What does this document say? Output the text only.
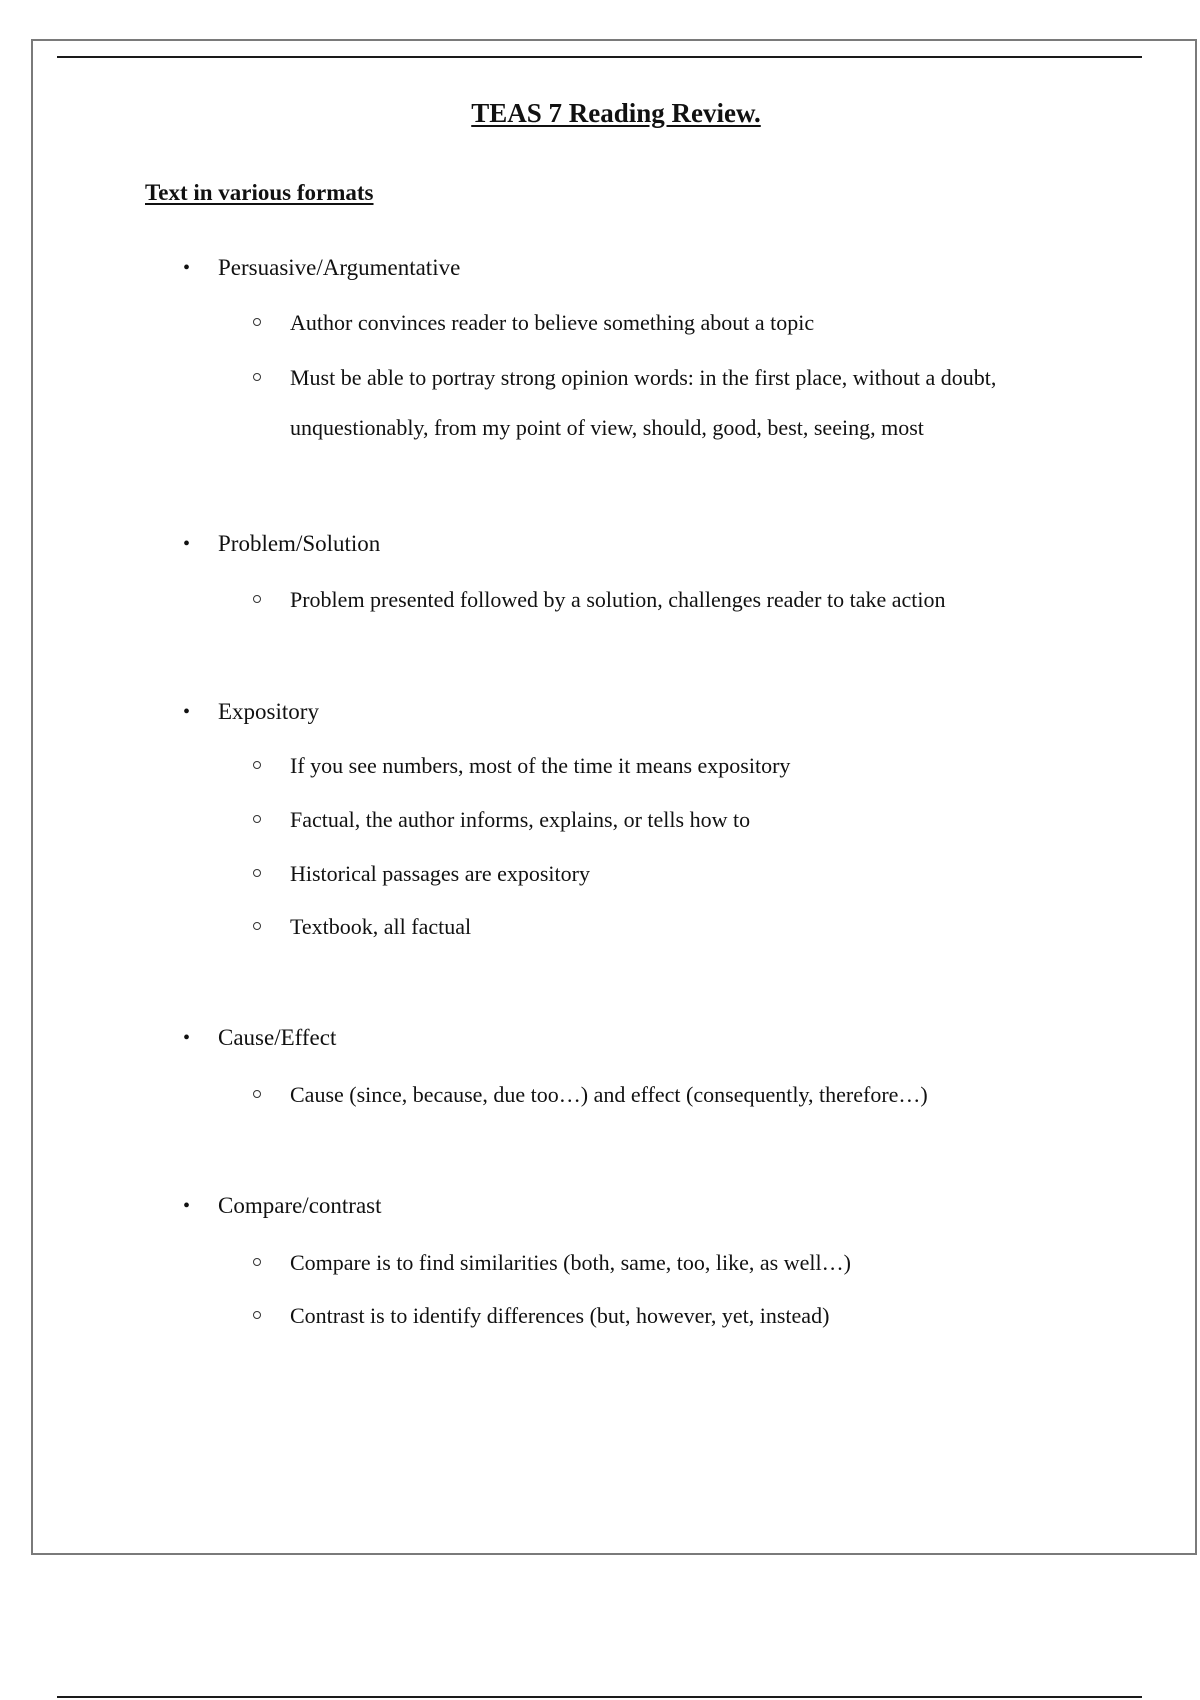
TEAS 7 Reading Review.
Text in various formats
• Persuasive/Argumentative
Author convinces reader to believe something about a topic
Must be able to portray strong opinion words: in the first place, without a doubt, unquestionably, from my point of view, should, good, best, seeing, most
• Problem/Solution
Problem presented followed by a solution, challenges reader to take action
• Expository
If you see numbers, most of the time it means expository
Factual, the author informs, explains, or tells how to
Historical passages are expository
Textbook, all factual
• Cause/Effect
Cause (since, because, due too…) and effect (consequently, therefore…)
• Compare/contrast
Compare is to find similarities (both, same, too, like, as well…)
Contrast is to identify differences (but, however, yet, instead)
